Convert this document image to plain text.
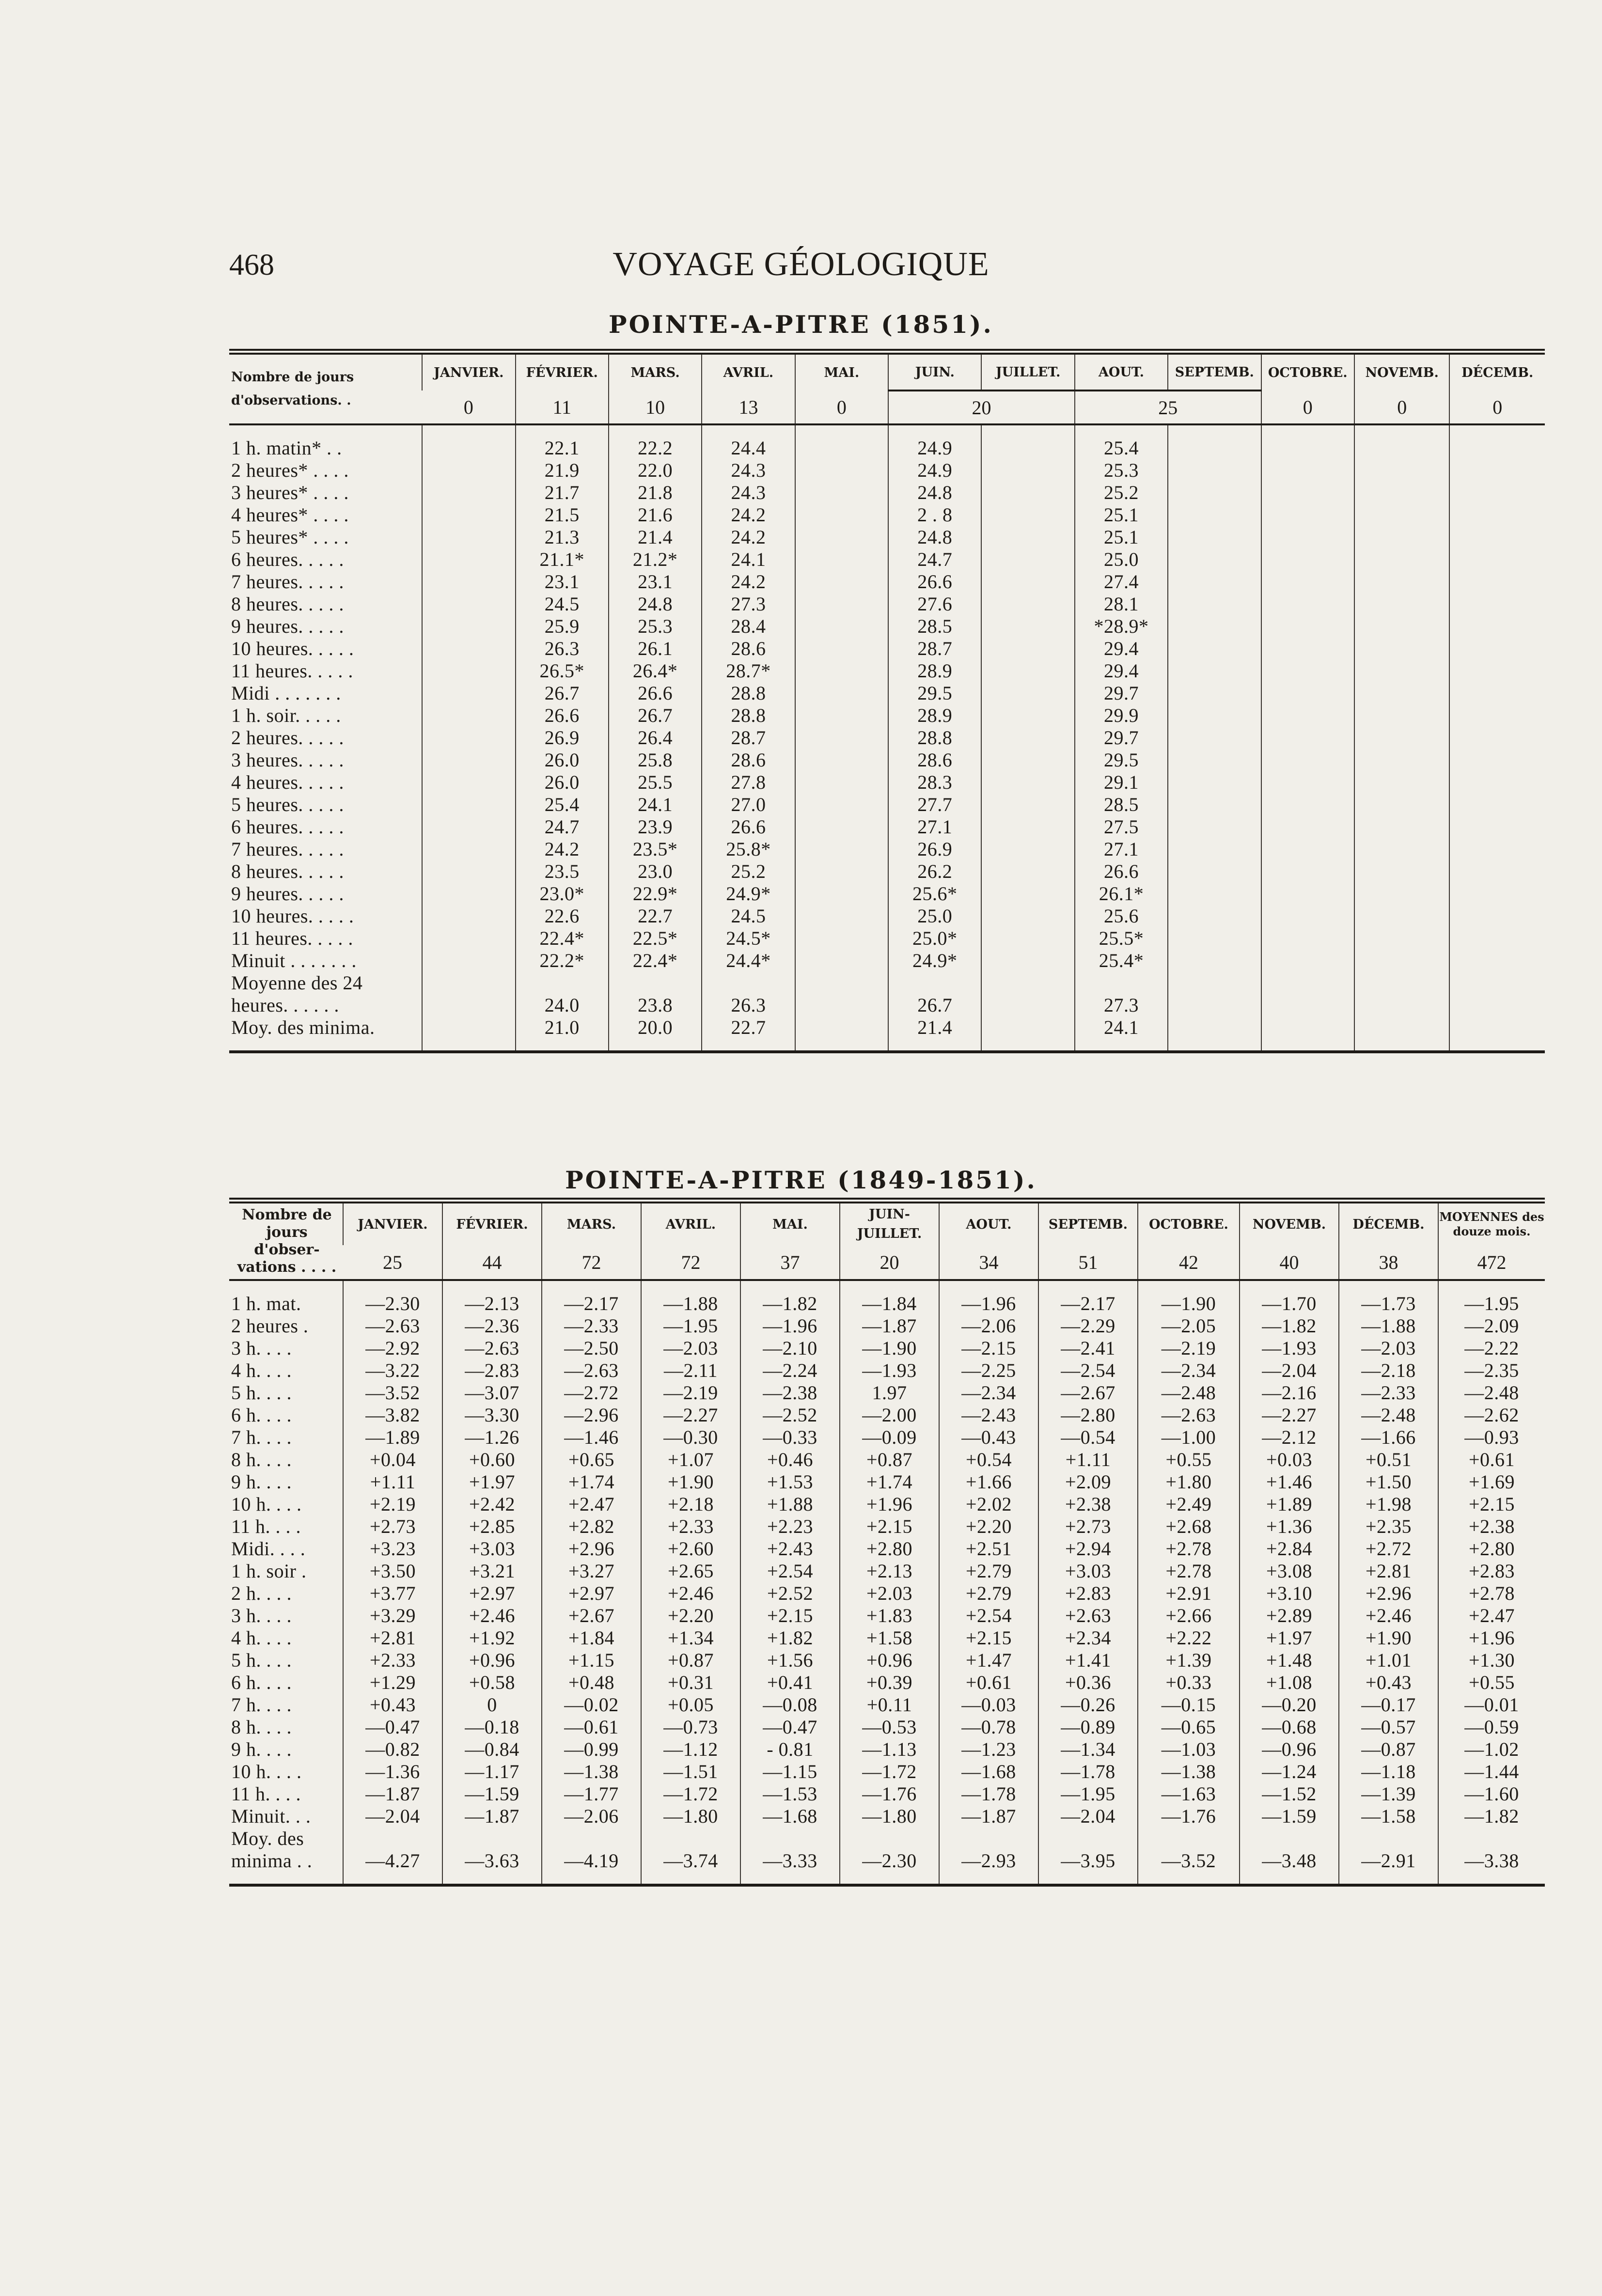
468	VOYAGE GÉOLOGIQUE
POINTE-A-PITRE (1851).
Nombre de jours d'observations. .	JANVIER.	FÉVRIER.	MARS.	AVRIL.	MAI.	JUIN.	JUILLET.	AOUT.	SEPTEMB.	OCTOBRE.	NOVEMB.	DÉCEMB.
	0	11	10	13	0	20		25		0	0	0

1 h. matin* . .		22.1	22.2	24.4		24.9		25.4				
2 heures* . . . .		21.9	22.0	24.3		24.9		25.3				
3 heures* . . . .		21.7	21.8	24.3		24.8		25.2				
4 heures* . . . .		21.5	21.6	24.2		2 . 8		25.1				
5 heures* . . . .		21.3	21.4	24.2		24.8		25.1				
6 heures. . . . .		21.1*	21.2*	24.1		24.7		25.0				
7 heures. . . . .		23.1	23.1	24.2		26.6		27.4				
8 heures. . . . .		24.5	24.8	27.3		27.6		28.1				
9 heures. . . . .		25.9	25.3	28.4		28.5		*28.9*				
10 heures. . . . .		26.3	26.1	28.6		28.7		29.4				
11 heures. . . . .		26.5*	26.4*	28.7*		28.9		29.4				
Midi . . . . . . .		26.7	26.6	28.8		29.5		29.7				
1 h. soir. . . . .		26.6	26.7	28.8		28.9		29.9				
2 heures. . . . .		26.9	26.4	28.7		28.8		29.7				
3 heures. . . . .		26.0	25.8	28.6		28.6		29.5				
4 heures. . . . .		26.0	25.5	27.8		28.3		29.1				
5 heures. . . . .		25.4	24.1	27.0		27.7		28.5				
6 heures. . . . .		24.7	23.9	26.6		27.1		27.5				
7 heures. . . . .		24.2	23.5*	25.8*		26.9		27.1				
8 heures. . . . .		23.5	23.0	25.2		26.2		26.6				
9 heures. . . . .		23.0*	22.9*	24.9*		25.6*		26.1*				
10 heures. . . . .		22.6	22.7	24.5		25.0		25.6				
11 heures. . . . .		22.4*	22.5*	24.5*		25.0*		25.5*				
Minuit . . . . . . .		22.2*	22.4*	24.4*		24.9*		25.4*				
Moyenne des 24												
heures. . . . . .		24.0	23.8	26.3		26.7		27.3				
Moy. des minima.		21.0	20.0	22.7		21.4		24.1				

POINTE-A-PITRE (1849-1851).
Nombre de jours d'obser-vations . . . .	JANVIER.	FÉVRIER.	MARS.	AVRIL.	MAI.	JUIN-JUILLET.	AOUT.	SEPTEMB.	OCTOBRE.	NOVEMB.	DÉCEMB.	MOYENNES des douze mois.
	25	44	72	72	37	20	34	51	42	40	38	472

1 h. mat.	—2.30	—2.13	—2.17	—1.88	—1.82	—1.84	—1.96	—2.17	—1.90	—1.70	—1.73	—1.95
2 heures .	—2.63	—2.36	—2.33	—1.95	—1.96	—1.87	—2.06	—2.29	—2.05	—1.82	—1.88	—2.09
3 h. . . .	—2.92	—2.63	—2.50	—2.03	—2.10	—1.90	—2.15	—2.41	—2.19	—1.93	—2.03	—2.22
4 h. . . .	—3.22	—2.83	—2.63	—2.11	—2.24	—1.93	—2.25	—2.54	—2.34	—2.04	—2.18	—2.35
5 h. . . .	—3.52	—3.07	—2.72	—2.19	—2.38	1.97	—2.34	—2.67	—2.48	—2.16	—2.33	—2.48
6 h. . . .	—3.82	—3.30	—2.96	—2.27	—2.52	—2.00	—2.43	—2.80	—2.63	—2.27	—2.48	—2.62
7 h. . . .	—1.89	—1.26	—1.46	—0.30	—0.33	—0.09	—0.43	—0.54	—1.00	—2.12	—1.66	—0.93
8 h. . . .	+0.04	+0.60	+0.65	+1.07	+0.46	+0.87	+0.54	+1.11	+0.55	+0.03	+0.51	+0.61
9 h. . . .	+1.11	+1.97	+1.74	+1.90	+1.53	+1.74	+1.66	+2.09	+1.80	+1.46	+1.50	+1.69
10 h. . . .	+2.19	+2.42	+2.47	+2.18	+1.88	+1.96	+2.02	+2.38	+2.49	+1.89	+1.98	+2.15
11 h. . . .	+2.73	+2.85	+2.82	+2.33	+2.23	+2.15	+2.20	+2.73	+2.68	+1.36	+2.35	+2.38
Midi. . . .	+3.23	+3.03	+2.96	+2.60	+2.43	+2.80	+2.51	+2.94	+2.78	+2.84	+2.72	+2.80
1 h. soir .	+3.50	+3.21	+3.27	+2.65	+2.54	+2.13	+2.79	+3.03	+2.78	+3.08	+2.81	+2.83
2 h. . . .	+3.77	+2.97	+2.97	+2.46	+2.52	+2.03	+2.79	+2.83	+2.91	+3.10	+2.96	+2.78
3 h. . . .	+3.29	+2.46	+2.67	+2.20	+2.15	+1.83	+2.54	+2.63	+2.66	+2.89	+2.46	+2.47
4 h. . . .	+2.81	+1.92	+1.84	+1.34	+1.82	+1.58	+2.15	+2.34	+2.22	+1.97	+1.90	+1.96
5 h. . . .	+2.33	+0.96	+1.15	+0.87	+1.56	+0.96	+1.47	+1.41	+1.39	+1.48	+1.01	+1.30
6 h. . . .	+1.29	+0.58	+0.48	+0.31	+0.41	+0.39	+0.61	+0.36	+0.33	+1.08	+0.43	+0.55
7 h. . . .	+0.43	0	—0.02	+0.05	—0.08	+0.11	—0.03	—0.26	—0.15	—0.20	—0.17	—0.01
8 h. . . .	—0.47	—0.18	—0.61	—0.73	—0.47	—0.53	—0.78	—0.89	—0.65	—0.68	—0.57	—0.59
9 h. . . .	—0.82	—0.84	—0.99	—1.12	- 0.81	—1.13	—1.23	—1.34	—1.03	—0.96	—0.87	—1.02
10 h. . . .	—1.36	—1.17	—1.38	—1.51	—1.15	—1.72	—1.68	—1.78	—1.38	—1.24	—1.18	—1.44
11 h. . . .	—1.87	—1.59	—1.77	—1.72	—1.53	—1.76	—1.78	—1.95	—1.63	—1.52	—1.39	—1.60
Minuit. . .	—2.04	—1.87	—2.06	—1.80	—1.68	—1.80	—1.87	—2.04	—1.76	—1.59	—1.58	—1.82
Moy. des												
minima . .	—4.27	—3.63	—4.19	—3.74	—3.33	—2.30	—2.93	—3.95	—3.52	—3.48	—2.91	—3.38
